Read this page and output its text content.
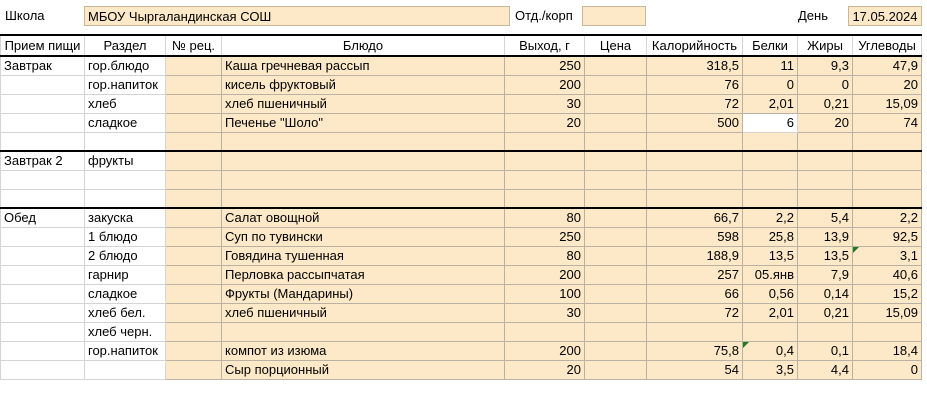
Школа	МБОУ Чыргаландинская СОШ	Отд./корп	День	17.05.2024
Прием пищи	Раздел	№ рец.	Блюдо	Выход, г	Цена	Калорийность	Белки	Жиры	Углеводы
Завтрак	гор.блюдо		Каша гречневая рассып	250		318,5	11	9,3	47,9
	гор.напиток		кисель фруктовый	200		76	0	0	20
	хлеб		хлеб пшеничный	30		72	2,01	0,21	15,09
	сладкое		Печенье "Шоло"	20		500	6	20	74

Завтрак 2	фрукты								

Обед	закуска		Салат овощной	80		66,7	2,2	5,4	2,2
	1 блюдо		Суп по тувински	250		598	25,8	13,9	92,5
	2 блюдо		Говядина тушенная	80		188,9	13,5	13,5	3,1
	гарнир		Перловка рассыпчатая	200		257	05.янв	7,9	40,6
	сладкое		Фрукты (Мандарины)	100		66	0,56	0,14	15,2
	хлеб бел.		хлеб пшеничный	30		72	2,01	0,21	15,09
	хлеб черн.								
	гор.напиток		компот из изюма	200		75,8	0,4	0,1	18,4
			Сыр порционный	20		54	3,5	4,4	0
